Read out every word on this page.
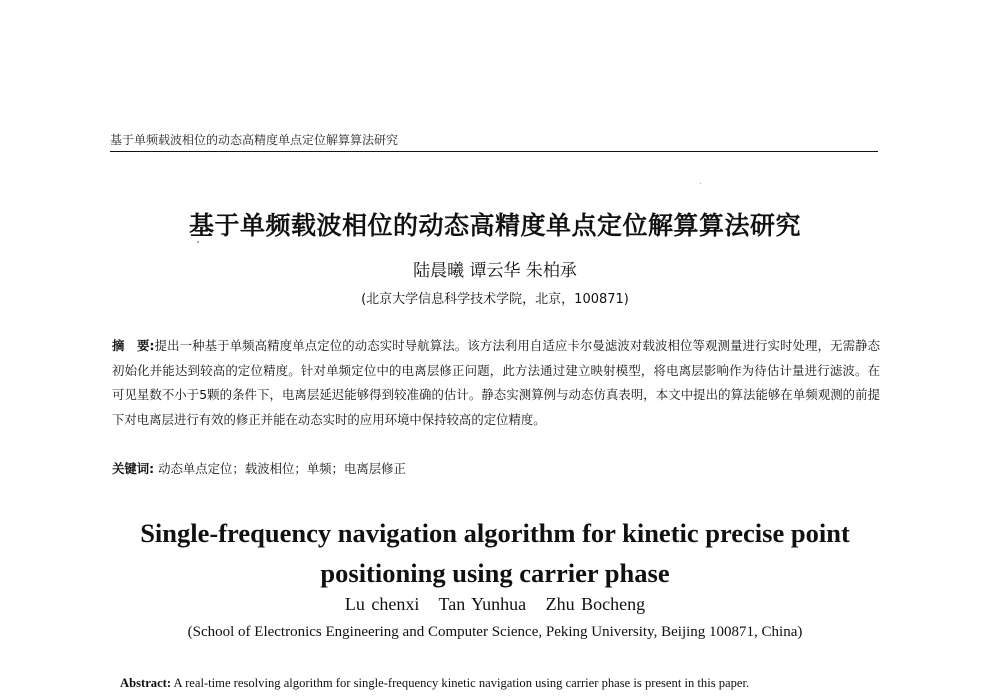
基于单频载波相位的动态高精度单点定位解算算法研究
基于单频载波相位的动态高精度单点定位解算算法研究
陆晨曦 谭云华 朱柏承
(北京大学信息科学技术学院，北京，100871)
摘　要:提出一种基于单频高精度单点定位的动态实时导航算法。该方法利用自适应卡尔曼滤波对载波相位等观测量进行实时处理，无需静态初始化并能达到较高的定位精度。针对单频定位中的电离层修正问题，此方法通过建立映射模型，将电离层影响作为待估计量进行滤波。在可见星数不小于5颗的条件下，电离层延迟能够得到较准确的估计。静态实测算例与动态仿真表明，本文中提出的算法能够在单频观测的前提下对电离层进行有效的修正并能在动态实时的应用环境中保持较高的定位精度。
关键词: 动态单点定位；载波相位；单频；电离层修正
Single-frequency navigation algorithm for kinetic precise point positioning using carrier phase
Lu chenxi   Tan Yunhua   Zhu Bocheng
(School of Electronics Engineering and Computer Science, Peking University, Beijing 100871, China)
Abstract: A real-time resolving algorithm for single-frequency kinetic navigation using carrier phase is present in this paper.
